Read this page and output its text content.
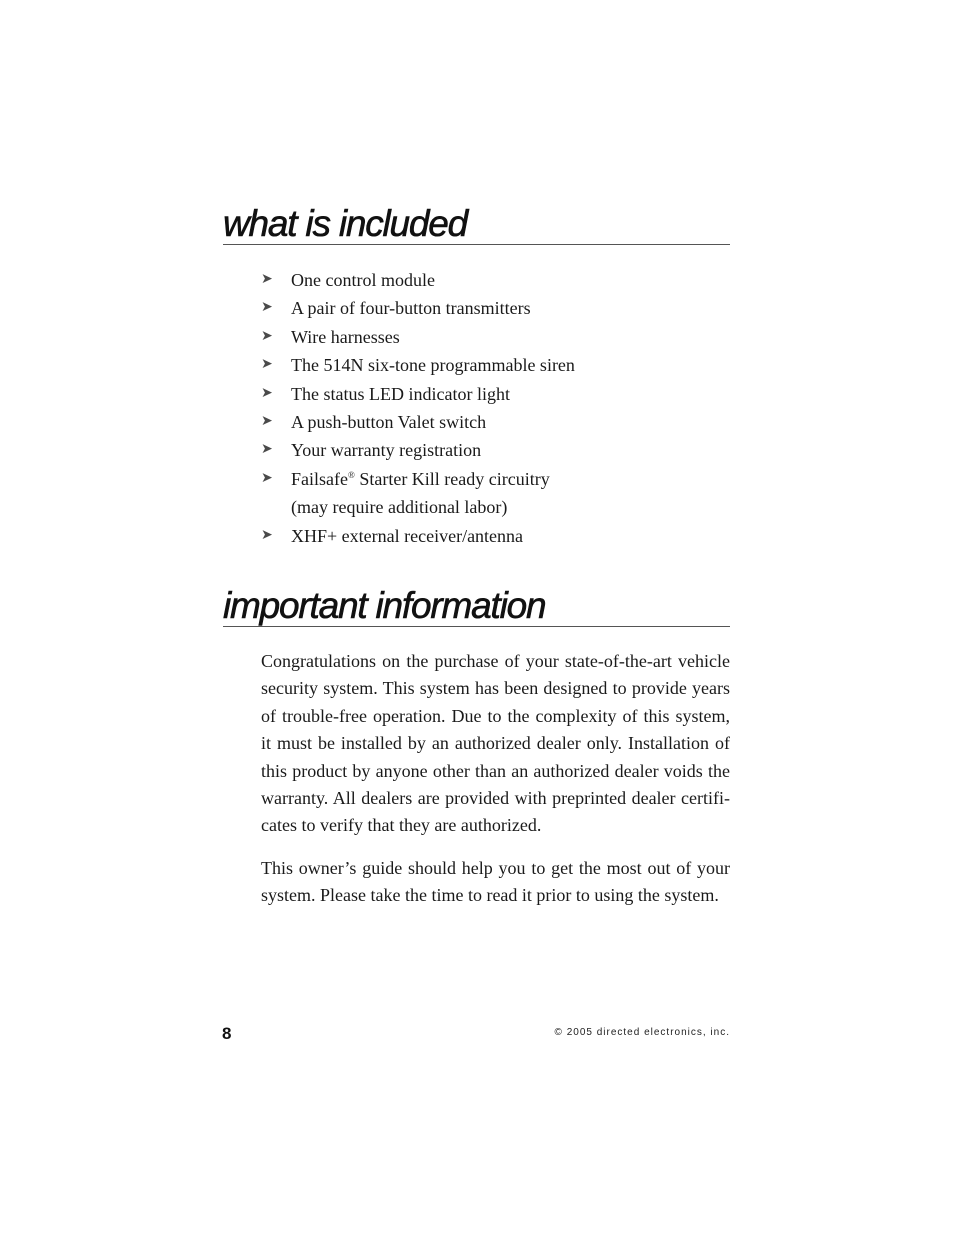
what is included
➤ One control module
➤ A pair of four-button transmitters
➤ Wire harnesses
➤ The 514N six-tone programmable siren
➤ The status LED indicator light
➤ A push-button Valet switch
➤ Your warranty registration
➤ Failsafe® Starter Kill ready circuitry
(may require additional labor)
➤ XHF+ external receiver/antenna
important information

Congratulations on the purchase of your state-of-the-art vehicle security system. This system has been designed to provide years of trouble-free operation. Due to the complexity of this system, it must be installed by an authorized dealer only. Installation of this product by anyone other than an authorized dealer voids the warranty. All dealers are provided with preprinted dealer certifi-cates to verify that they are authorized.

This owner’s guide should help you to get the most out of your system. Please take the time to read it prior to using the system.

8	© 2005 directed electronics, inc.
